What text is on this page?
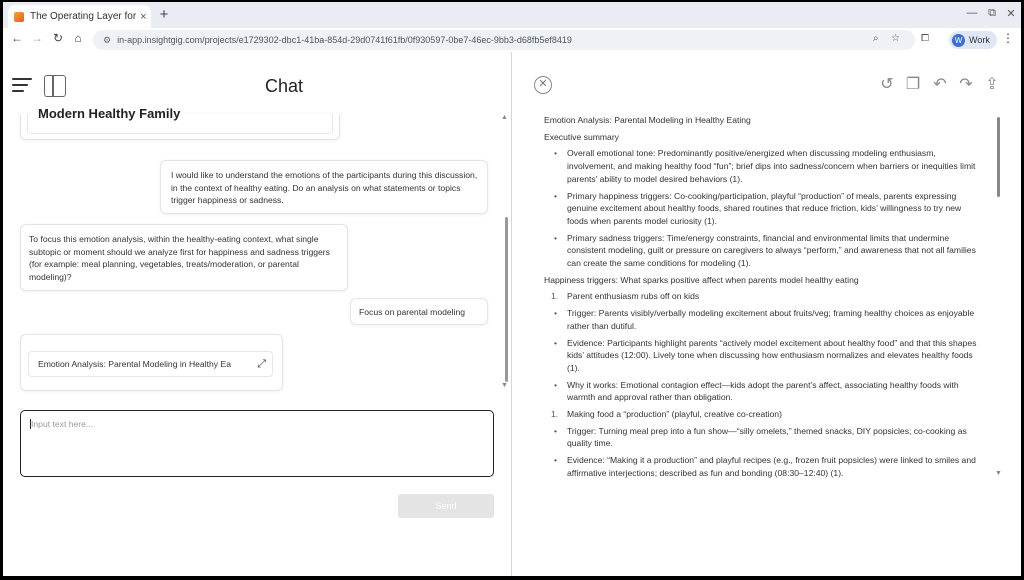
The Operating Layer for × +	— ⧉ ✕
← → ↻ ⌂	⚙ in-app.insightgig.com/projects/e1729302-dbc1-41ba-854d-29d0741f61fb/0f930597-0be7-46ec-9bb3-d68fb5ef8419	⌕ ☆ ⧠	W Work ⋮
Chat
Modern Healthy Family
I would like to understand the emotions of the participants during this discussion, in the context of healthy eating. Do an analysis on what statements or topics trigger happiness or sadness.
To focus this emotion analysis, within the healthy-eating context, what single subtopic or moment should we analyze first for happiness and sadness triggers (for example: meal planning, vegetables, treats/moderation, or parental modeling)?
Focus on parental modeling
Emotion Analysis: Parental Modeling in Healthy Ea ⤢
▲
▼
Input text here...
Send
✕	↺ ❐ ↶ ↷ ⇪
Emotion Analysis: Parental Modeling in Healthy Eating
Executive summary
• Overall emotional tone: Predominantly positive/energized when discussing modeling enthusiasm, involvement, and making healthy food “fun”; brief dips into sadness/concern when barriers or inequities limit parents’ ability to model desired behaviors (1).
• Primary happiness triggers: Co-cooking/participation, playful “production” of meals, parents expressing genuine excitement about healthy foods, shared routines that reduce friction, kids’ willingness to try new foods when parents model curiosity (1).
• Primary sadness triggers: Time/energy constraints, financial and environmental limits that undermine consistent modeling, guilt or pressure on caregivers to always “perform,” and awareness that not all families can create the same conditions for modeling (1).
Happiness triggers: What sparks positive affect when parents model healthy eating
1. Parent enthusiasm rubs off on kids
• Trigger: Parents visibly/verbally modeling excitement about fruits/veg; framing healthy choices as enjoyable rather than dutiful.
• Evidence: Participants highlight parents “actively model excitement about healthy food” and that this shapes kids’ attitudes (12:00). Lively tone when discussing how enthusiasm normalizes and elevates healthy foods (1).
• Why it works: Emotional contagion effect—kids adopt the parent’s affect, associating healthy foods with warmth and approval rather than obligation.
1. Making food a “production” (playful, creative co-creation)
• Trigger: Turning meal prep into a fun show—“silly omelets,” themed snacks, DIY popsicles; co-cooking as quality time.
• Evidence: “Making it a production” and playful recipes (e.g., frozen fruit popsicles) were linked to smiles and affirmative interjections; described as fun and bonding (08:30–12:40) (1).	▼
